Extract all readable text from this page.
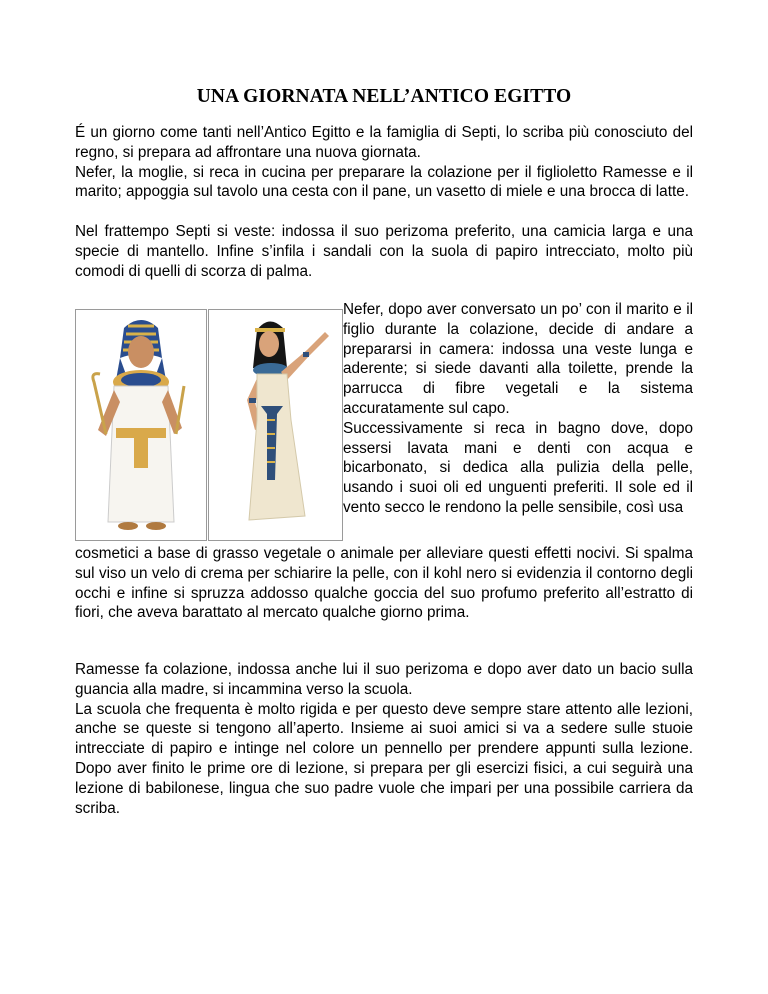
UNA GIORNATA NELL’ANTICO EGITTO

É un giorno come tanti nell’Antico Egitto e la famiglia di Septi, lo scriba più conosciuto del regno, si prepara ad affrontare una nuova giornata.

Nefer, la moglie, si reca in cucina per preparare la colazione per il figlioletto Ramesse e il marito; appoggia sul tavolo una cesta con il pane, un vasetto di miele e una brocca di latte.

Nel frattempo Septi si veste: indossa il suo perizoma preferito, una camicia larga e una specie di mantello. Infine s’infila i sandali con la suola di papiro intrecciato, molto più comodi di quelli di scorza di palma.

Nefer, dopo aver conversato un po’ con il marito e il figlio durante la colazione, decide di andare a prepararsi in camera: indossa una veste lunga e aderente; si siede davanti alla toilette, prende la parrucca di fibre vegetali e la sistema accuratamente sul capo.

Successivamente si reca in bagno dove, dopo essersi lavata mani e denti con acqua e bicarbonato, si dedica alla pulizia della pelle, usando i suoi oli ed unguenti preferiti. Il sole ed il vento secco le rendono la pelle sensibile, così usa

cosmetici a base di grasso vegetale o animale per alleviare questi effetti nocivi. Si spalma sul viso un velo di crema per schiarire la pelle, con il kohl nero si evidenzia il contorno degli occhi e infine si spruzza addosso qualche goccia del suo profumo preferito all’estratto di fiori, che aveva barattato al mercato qualche giorno prima.

Ramesse fa colazione, indossa anche lui il suo perizoma e dopo aver dato un bacio sulla guancia alla madre, si incammina verso la scuola.

La scuola che frequenta è molto rigida e per questo deve sempre stare attento alle lezioni, anche se queste si tengono all’aperto. Insieme ai suoi amici si va a sedere sulle stuoie intrecciate di papiro e intinge nel colore un pennello per prendere appunti sulla lezione. Dopo aver finito le prime ore di lezione, si prepara per gli esercizi fisici, a cui seguirà una lezione di babilonese, lingua che suo padre vuole che impari per una possibile carriera da scriba.
